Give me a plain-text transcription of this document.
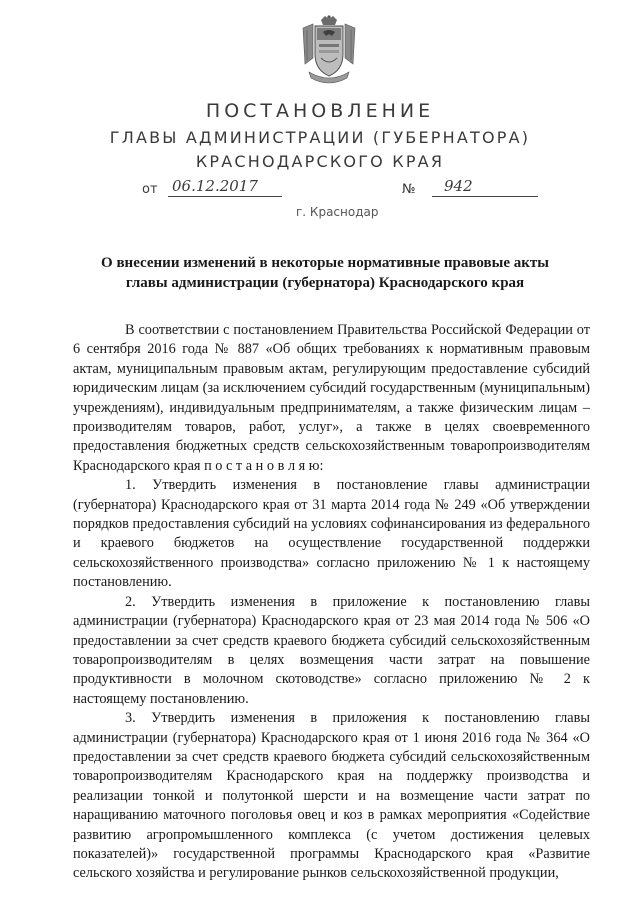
ПОСТАНОВЛЕНИЕ
ГЛАВЫ АДМИНИСТРАЦИИ (ГУБЕРНАТОРА)
КРАСНОДАРСКОГО КРАЯ
от 06.12.2017	№	942
г. Краснодар
О внесении изменений в некоторые нормативные правовые акты
главы администрации (губернатора) Краснодарского края

В соответствии с постановлением Правительства Российской Федерации от 6 сентября 2016 года № 887 «Об общих требованиях к нормативным правовым актам, муниципальным правовым актам, регулирующим предоставление субсидий юридическим лицам (за исключением субсидий государственным (муниципальным) учреждениям), индивидуальным предпринимателям, а также физическим лицам – производителям товаров, работ, услуг», а также в целях своевременного предоставления бюджетных средств сельскохозяйственным товаропроизводителям Краснодарского края п о с т а н о в л я ю:

1. Утвердить изменения в постановление главы администрации (губернатора) Краснодарского края от 31 марта 2014 года № 249 «Об утверждении порядков предоставления субсидий на условиях софинансирования из федерального и краевого бюджетов на осуществление государственной поддержки сельскохозяйственного производства» согласно приложению № 1 к настоящему постановлению.

2. Утвердить изменения в приложение к постановлению главы администрации (губернатора) Краснодарского края от 23 мая 2014 года № 506 «О предоставлении за счет средств краевого бюджета субсидий сельскохозяйственным товаропроизводителям в целях возмещения части затрат на повышение продуктивности в молочном скотоводстве» согласно приложению № 2 к настоящему постановлению.

3. Утвердить изменения в приложения к постановлению главы администрации (губернатора) Краснодарского края от 1 июня 2016 года № 364 «О предоставлении за счет средств краевого бюджета субсидий сельскохозяйственным товаропроизводителям Краснодарского края на поддержку производства и реализации тонкой и полутонкой шерсти и на возмещение части затрат по наращиванию маточного поголовья овец и коз в рамках мероприятия «Содействие развитию агропромышленного комплекса (с учетом достижения целевых показателей)» государственной программы Краснодарского края «Развитие сельского хозяйства и регулирование рынков сельскохозяйственной продукции,
